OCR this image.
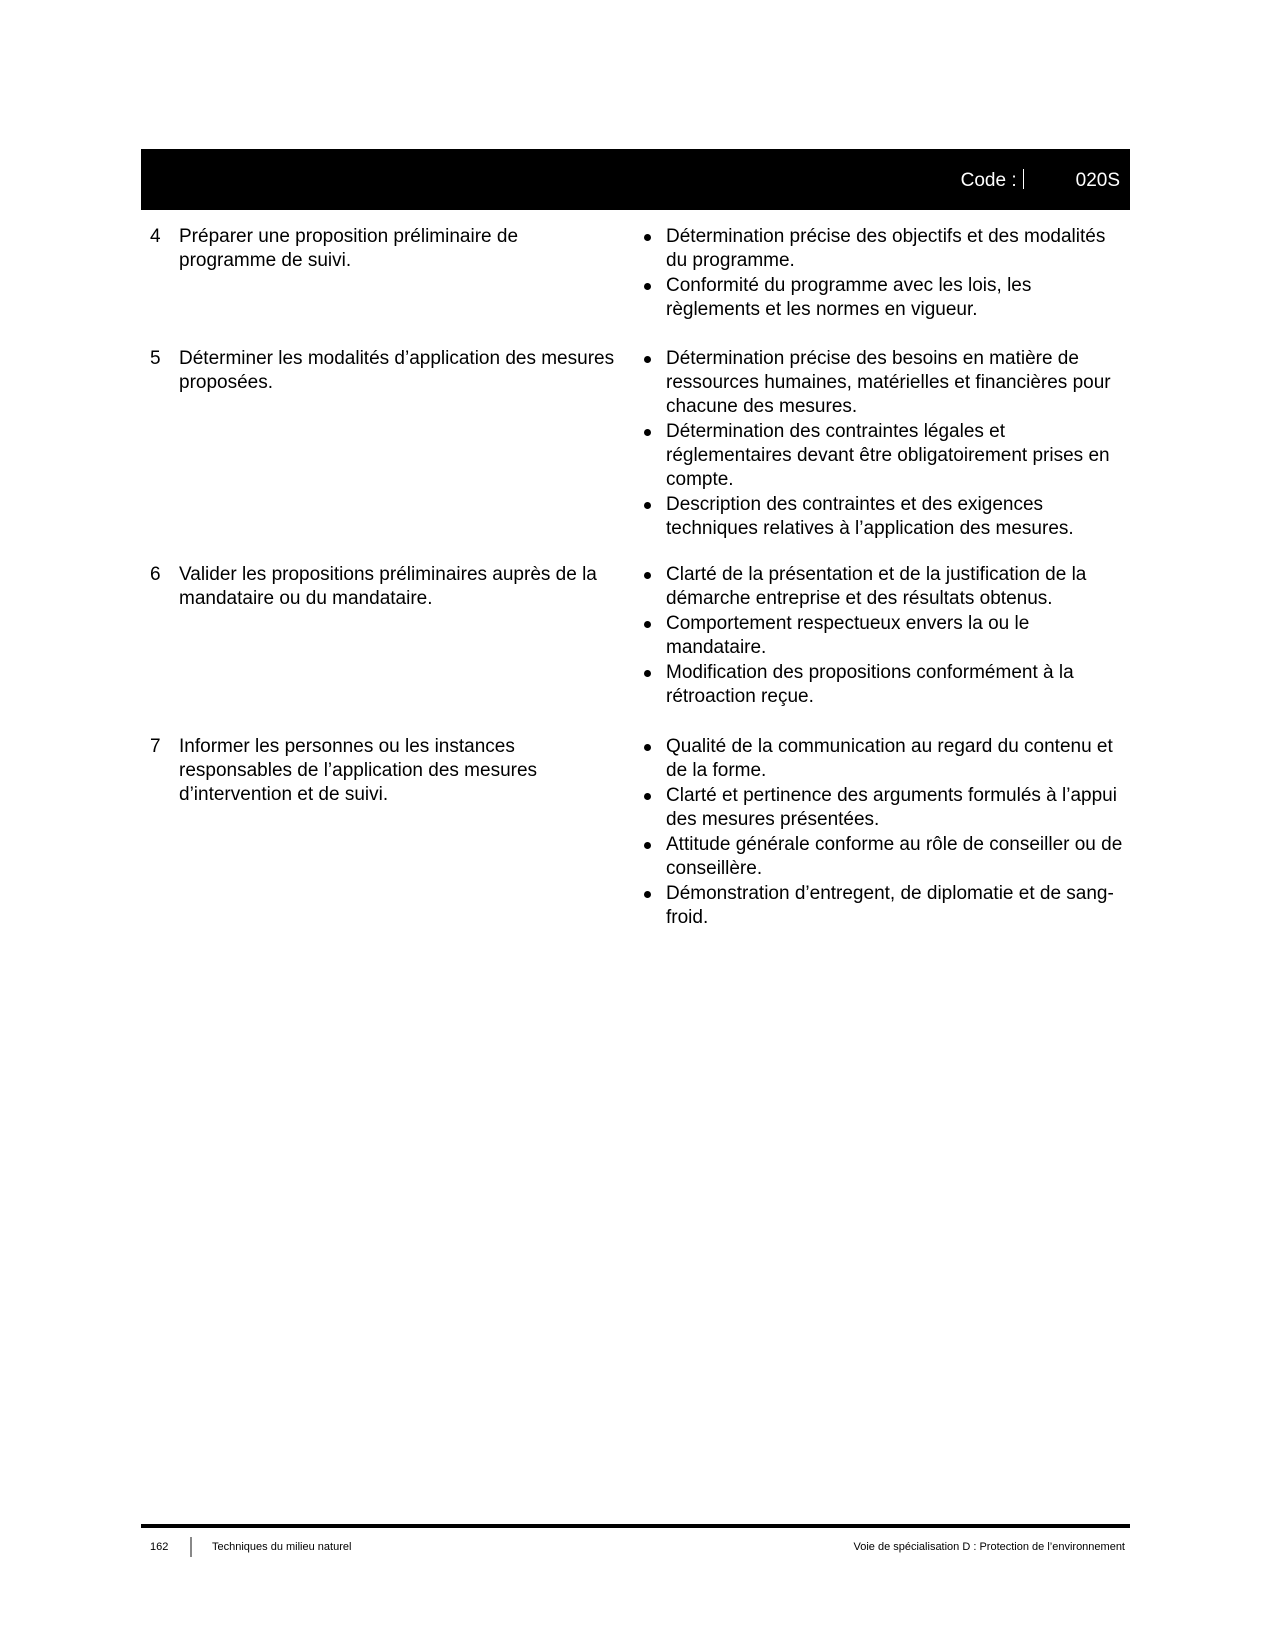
Code :	020S
4 Préparer une proposition préliminaire de programme de suivi.
Détermination précise des objectifs et des modalités du programme.
Conformité du programme avec les lois, les règlements et les normes en vigueur.
5 Déterminer les modalités d’application des mesures proposées.
Détermination précise des besoins en matière de ressources humaines, matérielles et financières pour chacune des mesures.
Détermination des contraintes légales et réglementaires devant être obligatoirement prises en compte.
Description des contraintes et des exigences techniques relatives à l’application des mesures.
6 Valider les propositions préliminaires auprès de la mandataire ou du mandataire.
Clarté de la présentation et de la justification de la démarche entreprise et des résultats obtenus.
Comportement respectueux envers la ou le mandataire.
Modification des propositions conformément à la rétroaction reçue.
7 Informer les personnes ou les instances responsables de l’application des mesures d’intervention et de suivi.
Qualité de la communication au regard du contenu et de la forme.
Clarté et pertinence des arguments formulés à l’appui des mesures présentées.
Attitude générale conforme au rôle de conseiller ou de conseillère.
Démonstration d’entregent, de diplomatie et de sang-froid.
162	Techniques du milieu naturel	Voie de spécialisation D : Protection de l’environnement
